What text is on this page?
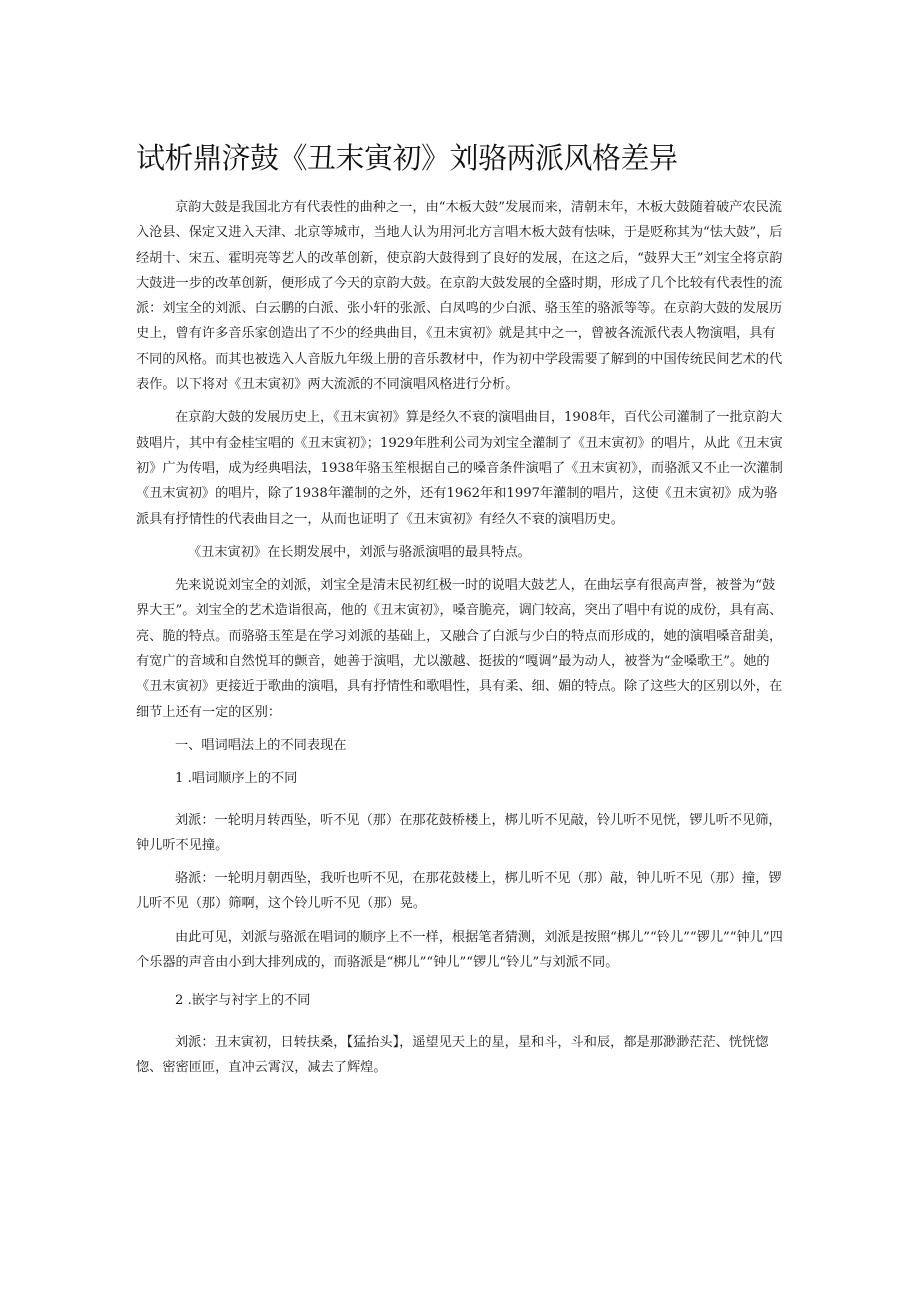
试析鼎济鼓《丑末寅初》刘骆两派风格差异

京韵大鼓是我国北方有代表性的曲种之一，由“木板大鼓”发展而来，清朝末年，木板大鼓随着破产农民流入沧县、保定又进入天津、北京等城市，当地人认为用河北方言唱木板大鼓有怯味，于是贬称其为“怯大鼓”，后经胡十、宋五、霍明亮等艺人的改革创新，使京韵大鼓得到了良好的发展，在这之后，“鼓界大王”刘宝全将京韵大鼓进一步的改革创新，便形成了今天的京韵大鼓。在京韵大鼓发展的全盛时期，形成了几个比较有代表性的流派：刘宝全的刘派、白云鹏的白派、张小轩的张派、白凤鸣的少白派、骆玉笙的骆派等等。在京韵大鼓的发展历史上，曾有许多音乐家创造出了不少的经典曲目，《丑末寅初》就是其中之一，曾被各流派代表人物演唱，具有不同的风格。而其也被选入人音版九年级上册的音乐教材中，作为初中学段需要了解到的中国传统民间艺术的代表作。以下将对《丑末寅初》两大流派的不同演唱风格进行分析。

在京韵大鼓的发展历史上，《丑末寅初》算是经久不衰的演唱曲目，1908年，百代公司灌制了一批京韵大鼓唱片，其中有金桂宝唱的《丑末寅初》；1929年胜利公司为刘宝全灌制了《丑末寅初》的唱片，从此《丑末寅初》广为传唱，成为经典唱法，1938年骆玉笙根据自己的嗓音条件演唱了《丑末寅初》，而骆派又不止一次灌制《丑末寅初》的唱片，除了1938年灌制的之外，还有1962年和1997年灌制的唱片，这使《丑末寅初》成为骆派具有抒情性的代表曲目之一，从而也证明了《丑末寅初》有经久不衰的演唱历史。

《丑末寅初》在长期发展中，刘派与骆派演唱的最具特点。

先来说说刘宝全的刘派，刘宝全是清末民初红极一时的说唱大鼓艺人，在曲坛享有很高声誉，被誉为“鼓界大王”。刘宝全的艺术造诣很高，他的《丑末寅初》，嗓音脆亮，调门较高，突出了唱中有说的成份，具有高、亮、脆的特点。而骆骆玉笙是在学习刘派的基础上，又融合了白派与少白的特点而形成的，她的演唱嗓音甜美，有宽广的音域和自然悦耳的颤音，她善于演唱，尤以激越、挺拔的“嘎调”最为动人，被誉为“金嗓歌王”。她的《丑末寅初》更接近于歌曲的演唱，具有抒情性和歌唱性，具有柔、细、媚的特点。除了这些大的区别以外，在细节上还有一定的区别：

一、唱词唱法上的不同表现在

1 .唱词顺序上的不同

刘派：一轮明月转西坠，听不见（那）在那花鼓桥楼上，梆儿听不见敲，铃儿听不见恍，锣儿听不见筛，钟儿听不见撞。

骆派：一轮明月朝西坠，我听也听不见，在那花鼓楼上，梆儿听不见（那）敲，钟儿听不见（那）撞，锣儿听不见（那）筛啊，这个铃儿听不见（那）晃。

由此可见，刘派与骆派在唱词的顺序上不一样，根据笔者猜测，刘派是按照“梆儿”“铃儿”“锣儿”“钟儿”四个乐器的声音由小到大排列成的，而骆派是“梆儿”“钟儿”“锣儿“铃儿”与刘派不同。

2 .嵌字与衬字上的不同

刘派：丑末寅初，日转扶桑，【猛抬头】，遥望见天上的星，星和斗，斗和辰，都是那渺渺茫茫、恍恍惚惚、密密匝匝，直冲云霄汉，减去了辉煌。
